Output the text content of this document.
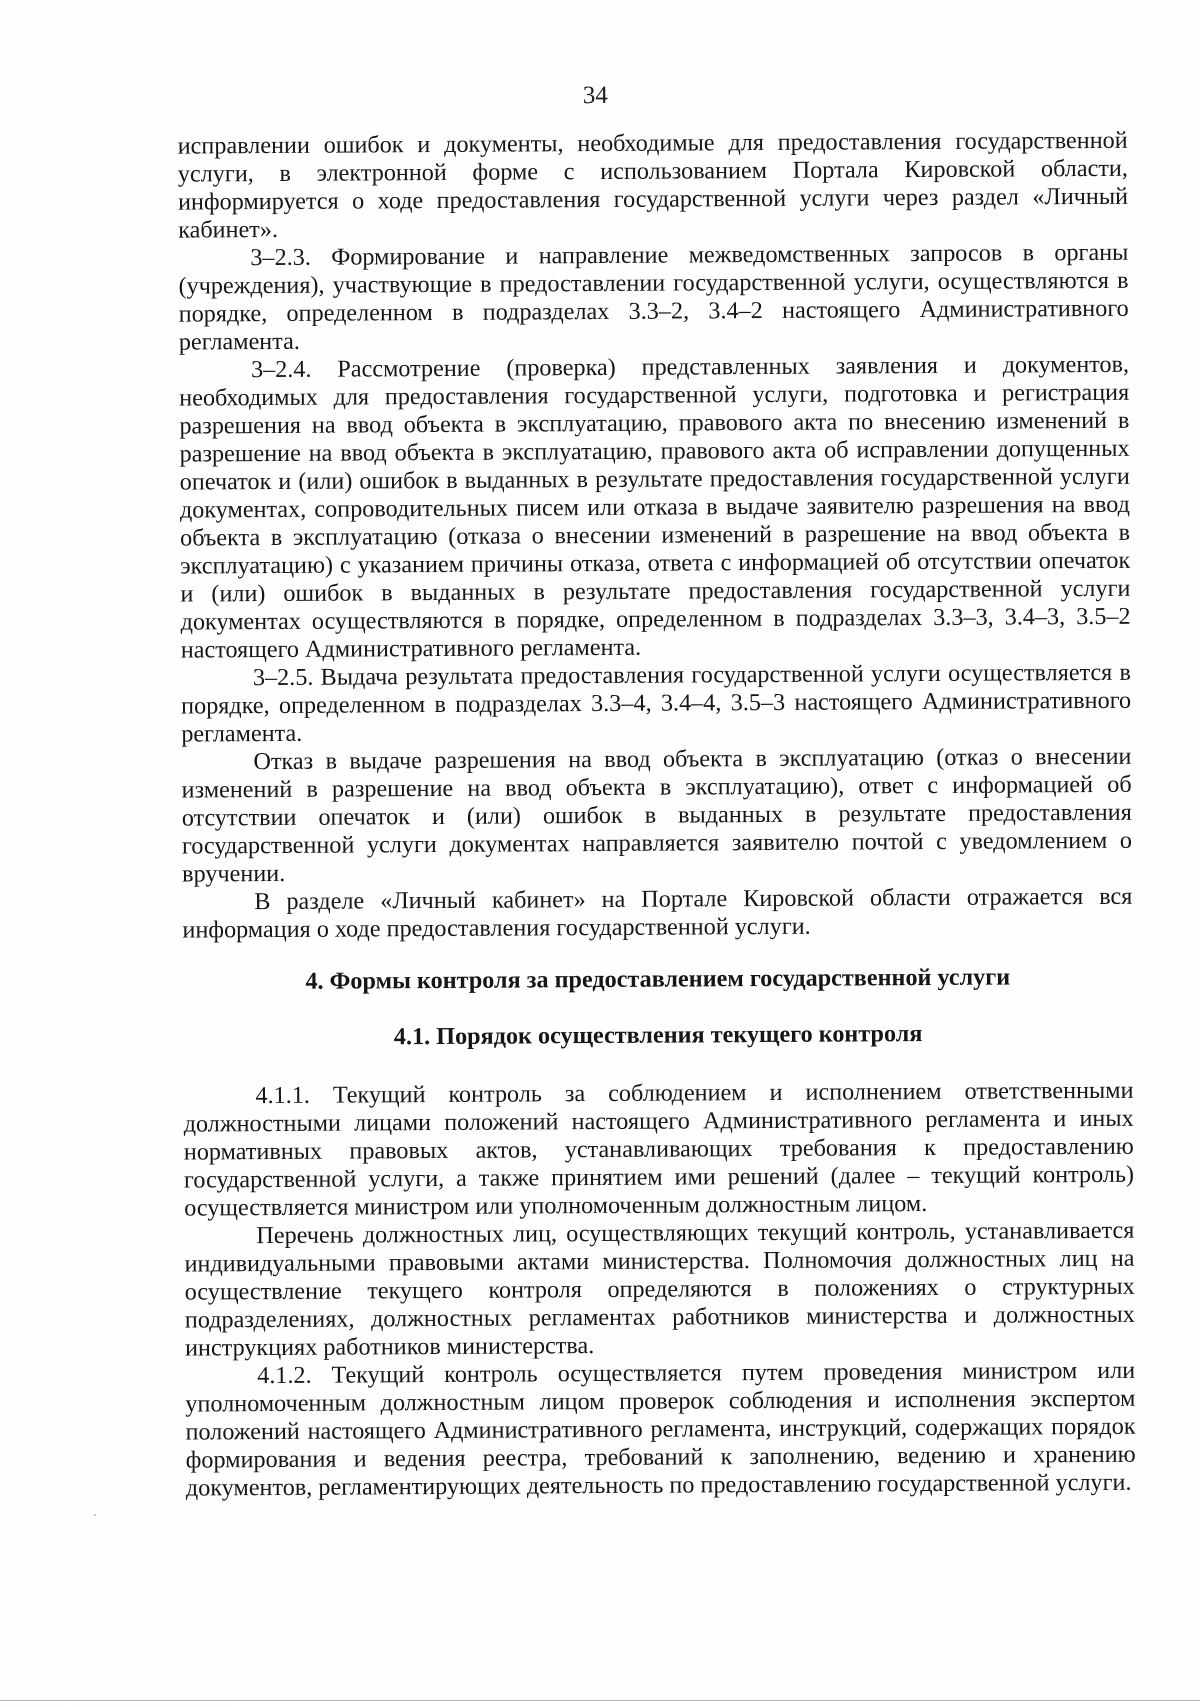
34

исправлении ошибок и документы, необходимые для предоставления государственной услуги, в электронной форме с использованием Портала Кировской области, информируется о ходе предоставления государственной услуги через раздел «Личный кабинет».

3–2.3. Формирование и направление межведомственных запросов в органы (учреждения), участвующие в предоставлении государственной услуги, осуществляются в порядке, определенном в подразделах 3.3–2, 3.4–2 настоящего Административного регламента.

3–2.4. Рассмотрение (проверка) представленных заявления и документов, необходимых для предоставления государственной услуги, подготовка и регистрация разрешения на ввод объекта в эксплуатацию, правового акта по внесению изменений в разрешение на ввод объекта в эксплуатацию, правового акта об исправлении допущенных опечаток и (или) ошибок в выданных в результате предоставления государственной услуги документах, сопроводительных писем или отказа в выдаче заявителю разрешения на ввод объекта в эксплуатацию (отказа о внесении изменений в разрешение на ввод объекта в эксплуатацию) с указанием причины отказа, ответа с информацией об отсутствии опечаток и (или) ошибок в выданных в результате предоставления государственной услуги документах осуществляются в порядке, определенном в подразделах 3.3–3, 3.4–3, 3.5–2 настоящего Административного регламента.

3–2.5. Выдача результата предоставления государственной услуги осуществляется в порядке, определенном в подразделах 3.3–4, 3.4–4, 3.5–3 настоящего Административного регламента.

Отказ в выдаче разрешения на ввод объекта в эксплуатацию (отказ о внесении изменений в разрешение на ввод объекта в эксплуатацию), ответ с информацией об отсутствии опечаток и (или) ошибок в выданных в результате предоставления государственной услуги документах направляется заявителю почтой с уведомлением о вручении.

В разделе «Личный кабинет» на Портале Кировской области отражается вся информация о ходе предоставления государственной услуги.

4. Формы контроля за предоставлением государственной услуги
4.1. Порядок осуществления текущего контроля

4.1.1. Текущий контроль за соблюдением и исполнением ответственными должностными лицами положений настоящего Административного регламента и иных нормативных правовых актов, устанавливающих требования к предоставлению государственной услуги, а также принятием ими решений (далее – текущий контроль) осуществляется министром или уполномоченным должностным лицом.

Перечень должностных лиц, осуществляющих текущий контроль, устанавливается индивидуальными правовыми актами министерства. Полномочия должностных лиц на осуществление текущего контроля определяются в положениях о структурных подразделениях, должностных регламентах работников министерства и должностных инструкциях работников министерства.

4.1.2. Текущий контроль осуществляется путем проведения министром или уполномоченным должностным лицом проверок соблюдения и исполнения экспертом положений настоящего Административного регламента, инструкций, содержащих порядок формирования и ведения реестра, требований к заполнению, ведению и хранению документов, регламентирующих деятельность по предоставлению государственной услуги.
